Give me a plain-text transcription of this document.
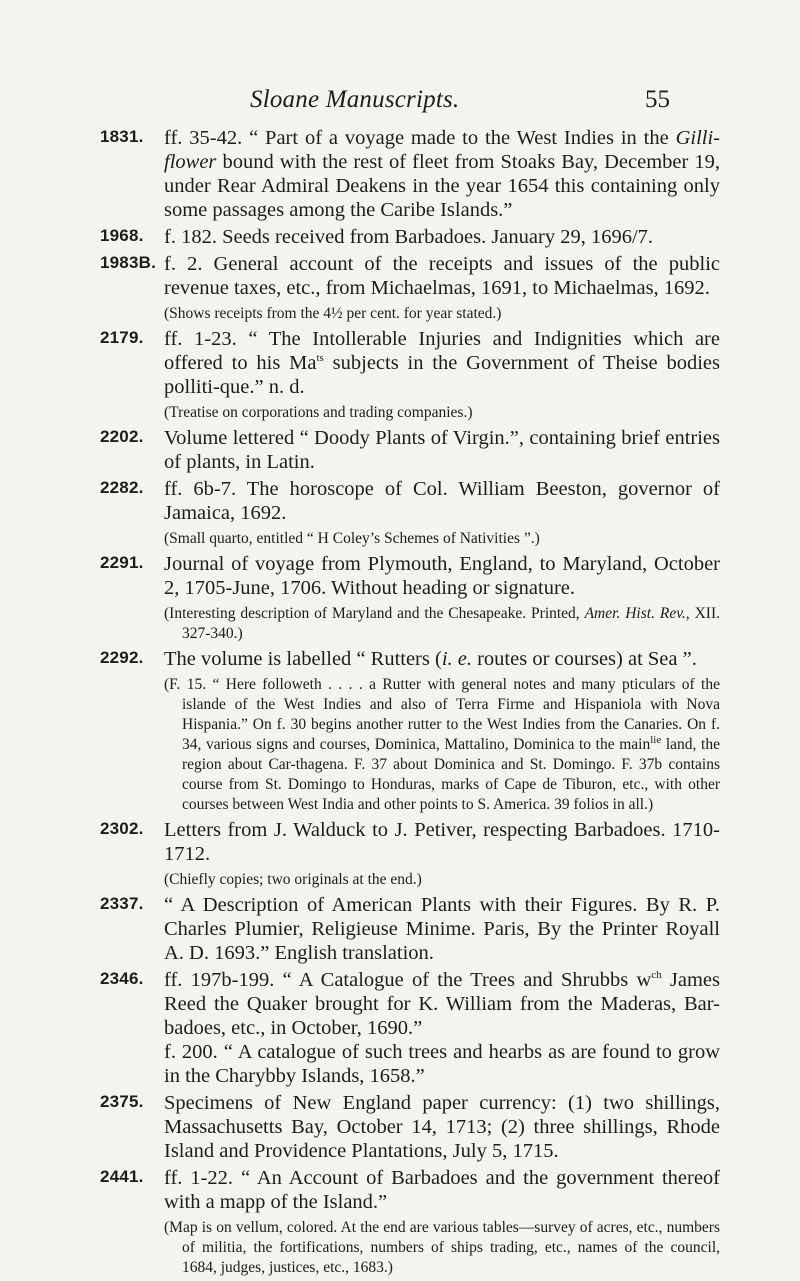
Sloane Manuscripts.	55
1831. ff. 35-42. “ Part of a voyage made to the West Indies in the Gilli-flower bound with the rest of fleet from Stoaks Bay, December 19, under Rear Admiral Deakens in the year 1654 this containing only some passages among the Caribe Islands.”
1968. f. 182. Seeds received from Barbadoes. January 29, 1696/7.
1983B. f. 2. General account of the receipts and issues of the public revenue taxes, etc., from Michaelmas, 1691, to Michaelmas, 1692.
(Shows receipts from the 4½ per cent. for year stated.)
2179. ff. 1-23. “ The Intollerable Injuries and Indignities which are offered to his $Ma^{ts}$ subjects in the Government of Theise bodies polliti-que.” n. d.
(Treatise on corporations and trading companies.)
2202. Volume lettered “ Doody Plants of Virgin.”, containing brief entries of plants, in Latin.
2282. ff. 6b-7. The horoscope of Col. William Beeston, governor of Jamaica, 1692.
(Small quarto, entitled “ H Coley’s Schemes of Nativities ”.)
2291. Journal of voyage from Plymouth, England, to Maryland, October 2, 1705-June, 1706. Without heading or signature.
(Interesting description of Maryland and the Chesapeake. Printed, Amer. Hist. Rev., XII. 327-340.)
2292. The volume is labelled “ Rutters (i. e. routes or courses) at Sea ”.
(F. 15. “ Here followeth . . . . a Rutter with general notes and many pticulars of the islande of the West Indies and also of Terra Firme and Hispaniola with Nova Hispania.” On f. 30 begins another rutter to the West Indies from the Canaries. On f. 34, various signs and courses, Dominica, Mattalino, Dominica to the main$^{lie}$ land, the region about Car-thagena. F. 37 about Dominica and St. Domingo. F. 37b contains course from St. Domingo to Honduras, marks of Cape de Tiburon, etc., with other courses between West India and other points to S. America. 39 folios in all.)
2302. Letters from J. Walduck to J. Petiver, respecting Barbadoes. 1710-1712.
(Chiefly copies; two originals at the end.)
2337. “ A Description of American Plants with their Figures. By R. P. Charles Plumier, Religieuse Minime. Paris, By the Printer Royall A. D. 1693.” English translation.
2346. ff. 197b-199. “ A Catalogue of the Trees and Shrubbs $w^{ch}$ James Reed the Quaker brought for K. William from the Maderas, Bar-badoes, etc., in October, 1690.”
f. 200. “ A catalogue of such trees and hearbs as are found to grow in the Charybby Islands, 1658.”
2375. Specimens of New England paper currency: (1) two shillings, Massachusetts Bay, October 14, 1713; (2) three shillings, Rhode Island and Providence Plantations, July 5, 1715.
2441. ff. 1-22. “ An Account of Barbadoes and the government thereof with a mapp of the Island.”
(Map is on vellum, colored. At the end are various tables—survey of acres, etc., numbers of militia, the fortifications, numbers of ships trading, etc., names of the council, 1684, judges, justices, etc., 1683.)
